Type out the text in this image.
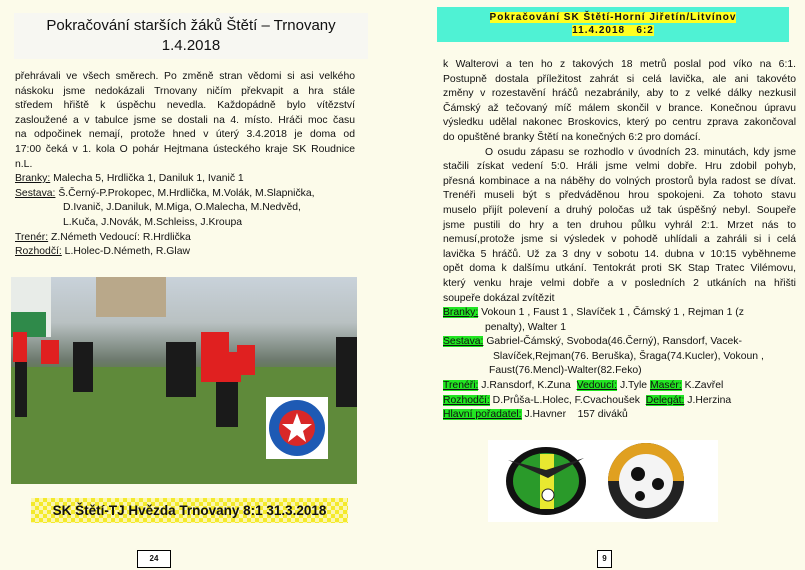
Pokračování starších žáků Štětí – Trnovany
1.4.2018
přehrávali ve všech směrech. Po změně stran vědomi si asi velkého
náskoku jsme nedokázali Trnovany ničím překvapit a hra stále
středem hřiště k úspěchu nevedla. Každopádně bylo vítězství
zasloužené a v tabulce jsme se dostali na 4. místo. Hráči moc času
na odpočinek nemají, protože hned v úterý 3.4.2018 je doma od
17:00 čeká v 1. kola O pohár Hejtmana ústeckého kraje SK Roudnice
n.L.
Branky: Malecha 5, Hrdlička 1, Daniluk 1, Ivanič 1
Sestava: Š.Černý-P.Prokopec, M.Hrdlička, M.Volák, M.Slapnička,
D.Ivanič, J.Daniluk, M.Miga, O.Malecha, M.Nedvěd,
L.Kuča, J.Novák, M.Schleiss, J.Kroupa
Trenér: Z.Németh Vedoucí: R.Hrdlička
Rozhodčí: L.Holec-D.Németh, R.Glaw
SK Štětí-TJ Hvězda Trnovany 8:1 31.3.2018
24
Pokračování SK Štětí-Horní Jiřetín/Litvínov
11.4.2018   6:2
k Walterovi a ten ho z takových 18 metrů poslal pod víko na 6:1.
Postupně dostala příležitost zahrát si celá lavička, ale ani takovéto
změny v rozestavění hráčů nezabránily, aby to z velké dálky nezkusil
Čámský až tečovaný míč málem skončil v brance. Konečnou úpravu
výsledku udělal nakonec Broskovics, který po centru zprava zakončoval
do opuštěné branky Štětí na konečných 6:2 pro domácí.
O osudu zápasu se rozhodlo v úvodních 23. minutách, kdy jsme
stačili získat vedení 5:0. Hráli jsme velmi dobře. Hru zdobil pohyb,
přesná kombinace a na náběhy do volných prostorů byla radost se dívat.
Trenéři museli být s předváděnou hrou spokojeni. Za tohoto stavu
muselo přijít polevení a druhý poločas už tak úspěšný nebyl. Soupeře
jsme pustili do hry a ten druhou půlku vyhrál 2:1. Mrzet nás to
nemusí,protože jsme si výsledek v pohodě uhlídali a zahráli si i celá
lavička 5 hráčů. Už za 3 dny v sobotu 14. dubna v 10:15 vyběhneme
opět doma k dalšímu utkání. Tentokrát proti SK Stap Tratec Vilémovu,
který venku hraje velmi dobře a v posledních 2 utkáních na hřišti
soupeře dokázal zvítězit
Branky: Vokoun 1 , Faust 1 , Slavíček 1 , Čámský 1 , Rejman 1 (z
penalty), Walter 1
Sestava: Gabriel-Čámský, Svoboda(46.Černý), Ransdorf, Vacek-
Slavíček,Rejman(76. Beruška), Šraga(74.Kucler), Vokoun ,
Faust(76.Mencl)-Walter(82.Feko)
Trenéři: J.Ransdorf, K.Zuna  Vedoucí: J.Tyle Masér: K.Zavřel
Rozhodčí: D.Průša-L.Holec, F.Cvachoušek  Delegát: J.Herzina
Hlavní pořadatel: J.Havner    157 diváků
9
